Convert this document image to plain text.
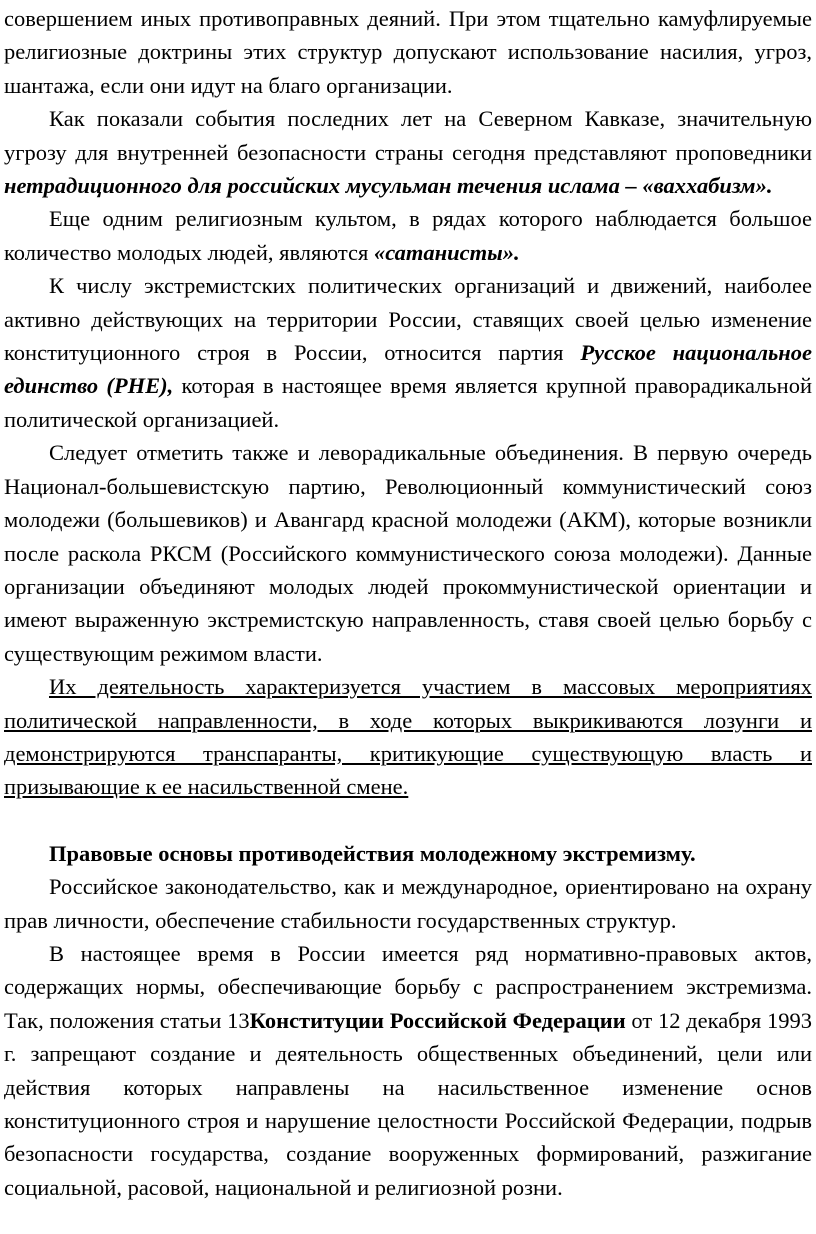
совершением иных противоправных деяний. При этом тщательно камуфлируемые религиозные доктрины этих структур допускают использование насилия, угроз, шантажа, если они идут на благо организации.

Как показали события последних лет на Северном Кавказе, значительную угрозу для внутренней безопасности страны сегодня представляют проповедники нетрадиционного для российских мусульман течения ислама – «ваххабизм».

Еще одним религиозным культом, в рядах которого наблюдается большое количество молодых людей, являются «сатанисты».

К числу экстремистских политических организаций и движений, наиболее активно действующих на территории России, ставящих своей целью изменение конституционного строя в России, относится партия Русское национальное единство (РНЕ), которая в настоящее время является крупной праворадикальной политической организацией.

Следует отметить также и леворадикальные объединения. В первую очередь Национал-большевистскую партию, Революционный коммунистический союз молодежи (большевиков) и Авангард красной молодежи (АКМ), которые возникли после раскола РКСМ (Российского коммунистического союза молодежи). Данные организации объединяют молодых людей прокоммунистической ориентации и имеют выраженную экстремистскую направленность, ставя своей целью борьбу с существующим режимом власти.

Их деятельность характеризуется участием в массовых мероприятиях политической направленности, в ходе которых выкрикиваются лозунги и демонстрируются транспаранты, критикующие существующую власть и призывающие к ее насильственной смене.

Правовые основы противодействия молодежному экстремизму.

Российское законодательство, как и международное, ориентировано на охрану прав личности, обеспечение стабильности государственных структур.

В настоящее время в России имеется ряд нормативно-правовых актов, содержащих нормы, обеспечивающие борьбу с распространением экстремизма. Так, положения статьи 13Конституции Российской Федерации от 12 декабря 1993 г. запрещают создание и деятельность общественных объединений, цели или действия которых направлены на насильственное изменение основ конституционного строя и нарушение целостности Российской Федерации, подрыв безопасности государства, создание вооруженных формирований, разжигание социальной, расовой, национальной и религиозной розни.
